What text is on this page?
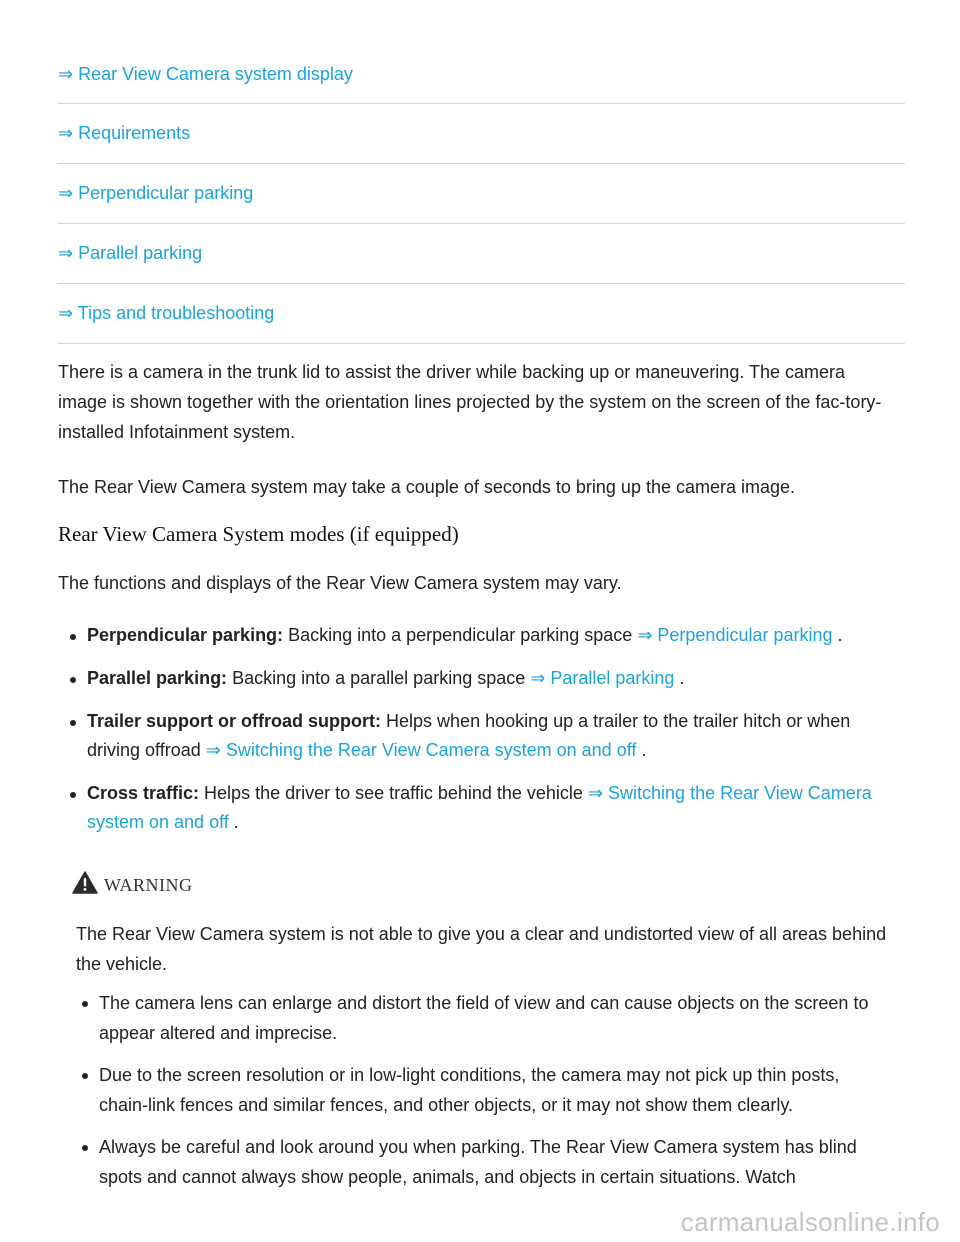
⇒ Rear View Camera system display
⇒ Requirements
⇒ Perpendicular parking
⇒ Parallel parking
⇒ Tips and troubleshooting

There is a camera in the trunk lid to assist the driver while backing up or maneuvering. The camera image is shown together with the orientation lines projected by the system on the screen of the fac-tory-installed Infotainment system.

The Rear View Camera system may take a couple of seconds to bring up the camera image.

Rear View Camera System modes (if equipped)

The functions and displays of the Rear View Camera system may vary.

Perpendicular parking: Backing into a perpendicular parking space ⇒ Perpendicular parking .
Parallel parking: Backing into a parallel parking space ⇒ Parallel parking .
Trailer support or offroad support: Helps when hooking up a trailer to the trailer hitch or when driving offroad ⇒ Switching the Rear View Camera system on and off .
Cross traffic: Helps the driver to see traffic behind the vehicle ⇒ Switching the Rear View Camera system on and off .
WARNING

The Rear View Camera system is not able to give you a clear and undistorted view of all areas behind the vehicle.

The camera lens can enlarge and distort the field of view and can cause objects on the screen to appear altered and imprecise.
Due to the screen resolution or in low-light conditions, the camera may not pick up thin posts, chain-link fences and similar fences, and other objects, or it may not show them clearly.
Always be careful and look around you when parking. The Rear View Camera system has blind spots and cannot always show people, animals, and objects in certain situations. Watch
carmanualsonline.info
